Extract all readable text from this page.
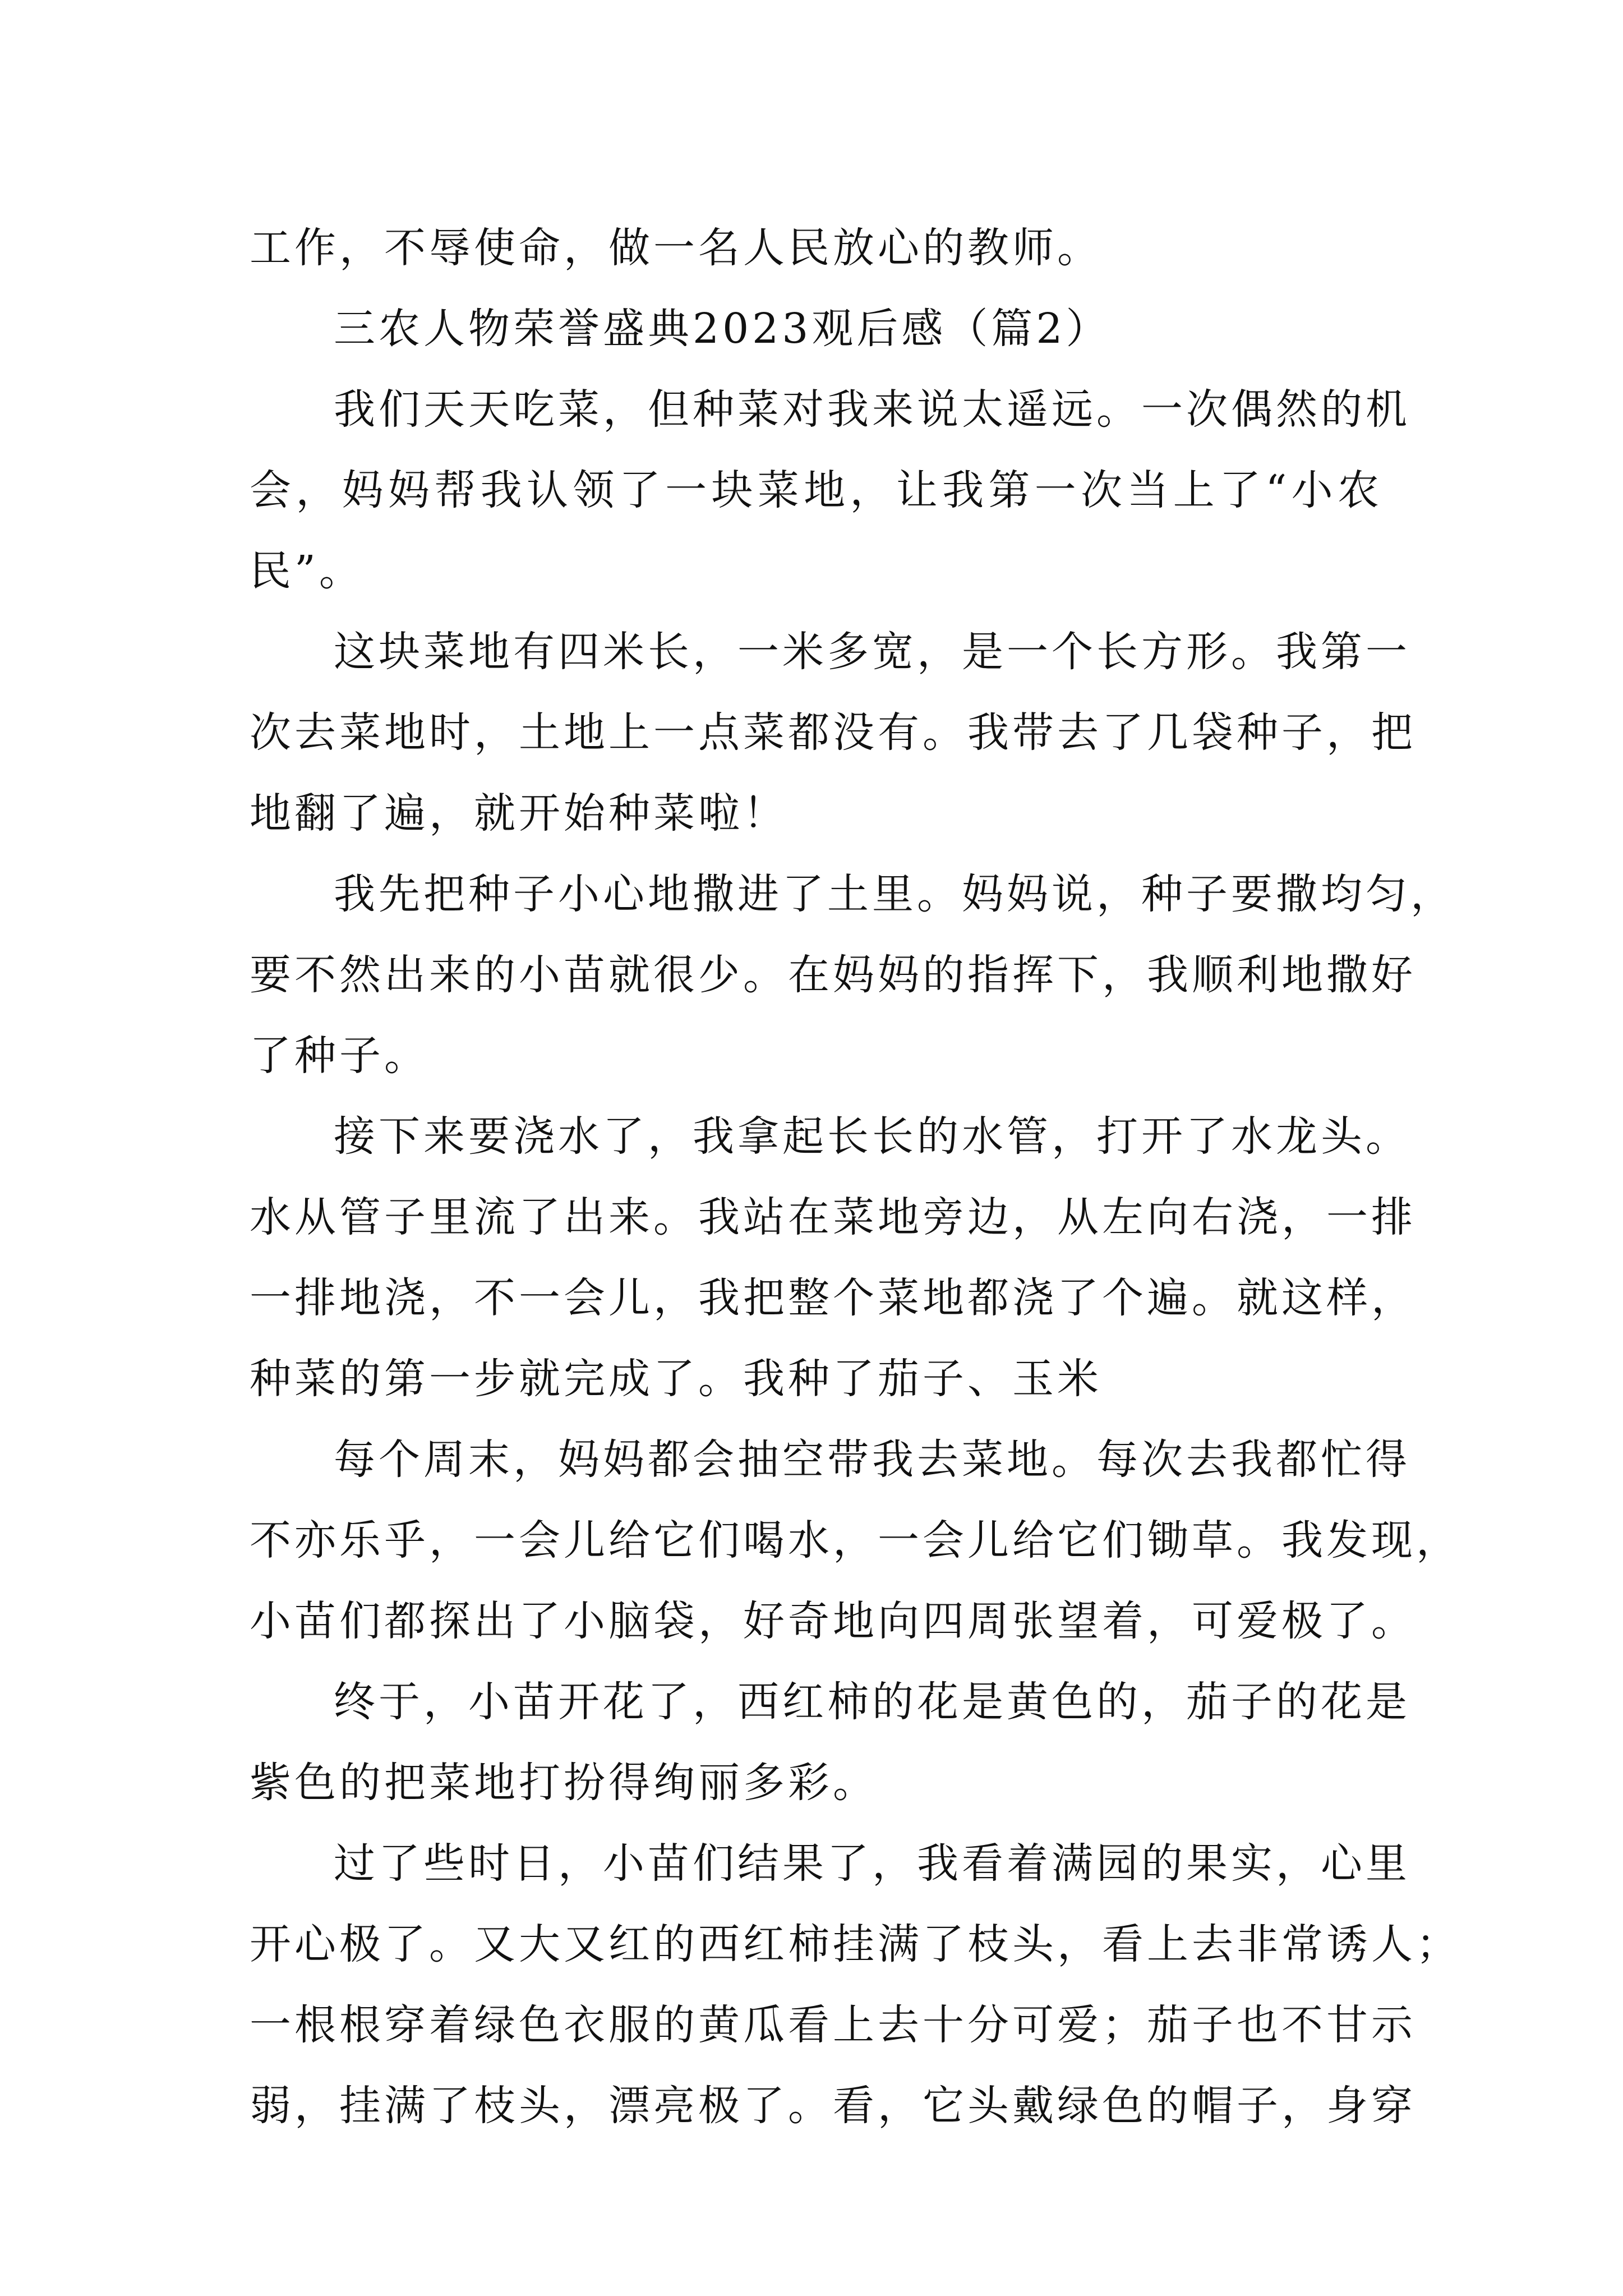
工作，不辱使命，做一名人民放心的教师。
三农人物荣誉盛典2023观后感（篇2）
我们天天吃菜，但种菜对我来说太遥远。一次偶然的机
会，妈妈帮我认领了一块菜地，让我第一次当上了“小农
民”。
这块菜地有四米长，一米多宽，是一个长方形。我第一
次去菜地时，土地上一点菜都没有。我带去了几袋种子，把
地翻了遍，就开始种菜啦！
我先把种子小心地撒进了土里。妈妈说，种子要撒均匀，
要不然出来的小苗就很少。在妈妈的指挥下，我顺利地撒好
了种子。
接下来要浇水了，我拿起长长的水管，打开了水龙头。
水从管子里流了出来。我站在菜地旁边，从左向右浇，一排
一排地浇，不一会儿，我把整个菜地都浇了个遍。就这样，
种菜的第一步就完成了。我种了茄子、玉米
每个周末，妈妈都会抽空带我去菜地。每次去我都忙得
不亦乐乎，一会儿给它们喝水，一会儿给它们锄草。我发现，
小苗们都探出了小脑袋，好奇地向四周张望着，可爱极了。
终于，小苗开花了，西红柿的花是黄色的，茄子的花是
紫色的把菜地打扮得绚丽多彩。
过了些时日，小苗们结果了，我看着满园的果实，心里
开心极了。又大又红的西红柿挂满了枝头，看上去非常诱人；
一根根穿着绿色衣服的黄瓜看上去十分可爱；茄子也不甘示
弱，挂满了枝头，漂亮极了。看，它头戴绿色的帽子，身穿
